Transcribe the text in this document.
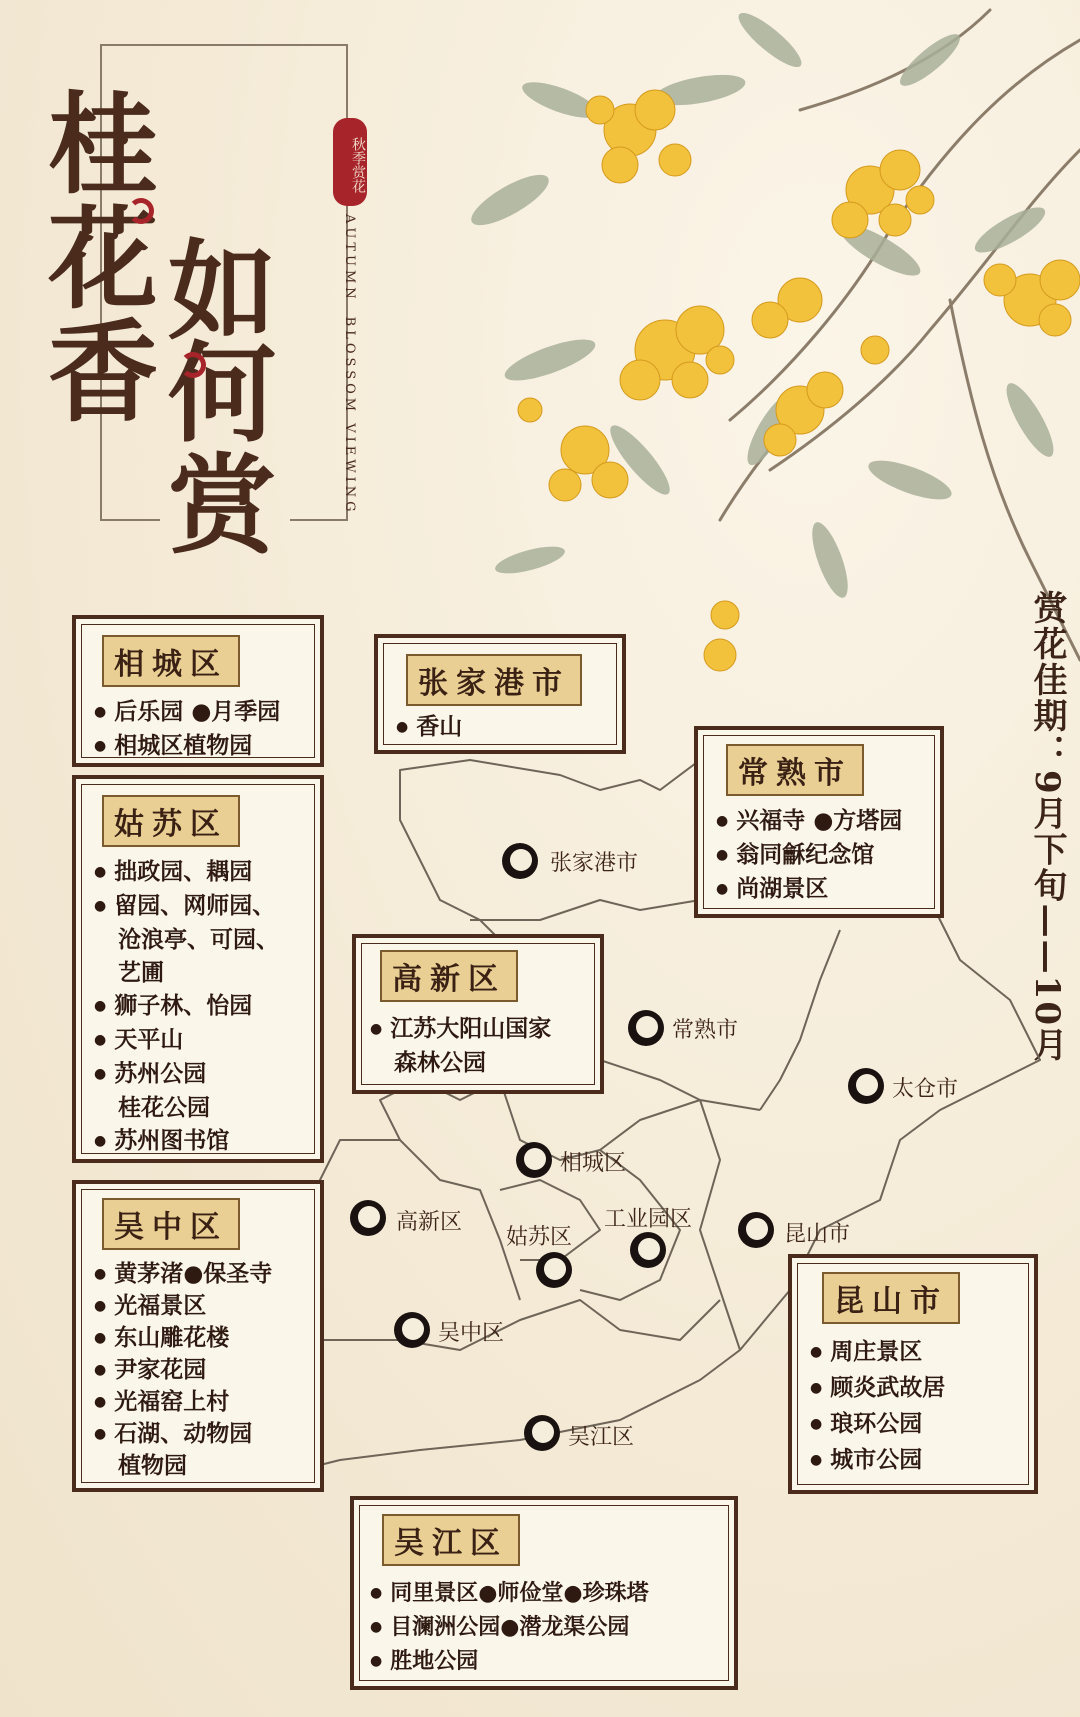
桂
花
香
如
何
赏
秋季赏花
AUTUMNBLOSSOM VIEWING
赏花佳期：9月下旬——10月
张家港市
常熟市
太仓市
相城区
高新区
姑苏区
工业园区
昆山市
吴中区
吴江区
相城区
● 后乐园 ●月季园
● 相城区植物园
张家港市
● 香山
常熟市
● 兴福寺 ●方塔园
● 翁同龢纪念馆
● 尚湖景区
姑苏区
● 拙政园、耦园
● 留园、网师园、
沧浪亭、可园、
艺圃
● 狮子林、怡园
● 天平山
● 苏州公园
桂花公园
● 苏州图书馆
高新区
● 江苏大阳山国家
森林公园
吴中区
● 黄茅渚●保圣寺
● 光福景区
● 东山雕花楼
● 尹家花园
● 光福窑上村
● 石湖、动物园
植物园
昆山市
● 周庄景区
● 顾炎武故居
● 琅环公园
● 城市公园
吴江区
● 同里景区●师俭堂●珍珠塔
● 目澜洲公园●潜龙渠公园
● 胜地公园
